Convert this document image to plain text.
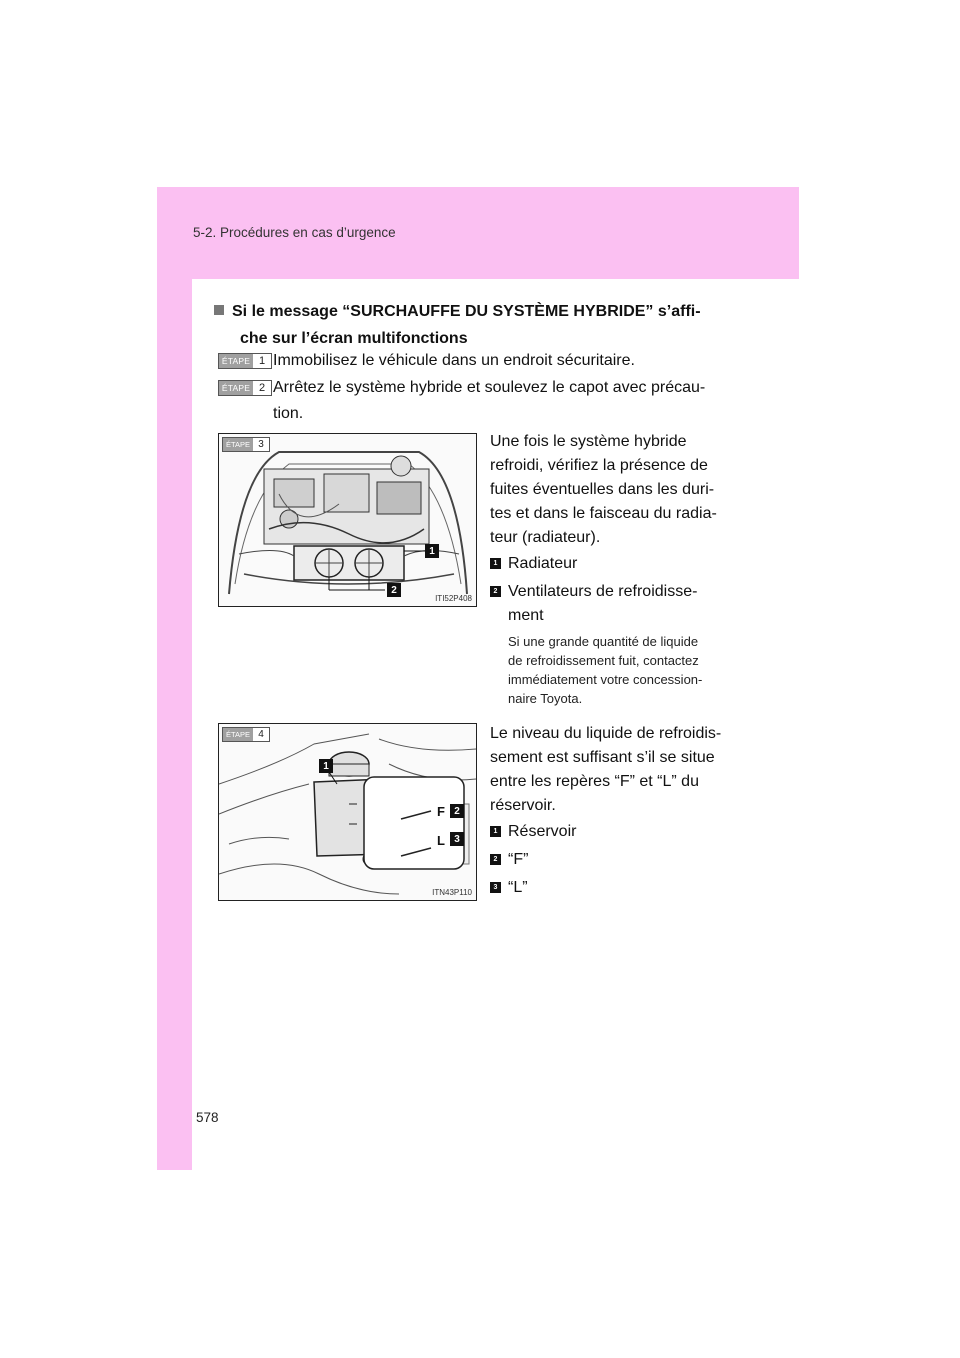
5-2. Procédures en cas d’urgence
Si le message “SURCHAUFFE DU SYSTÈME HYBRIDE” s’affi-
che sur l’écran multifonctions
ÉTAPE 1 Immobilisez le véhicule dans un endroit sécuritaire.
ÉTAPE 2 Arrêtez le système hybride et soulevez le capot avec précau-
tion.
ÉTAPE 3
1
2
ITI52P408
Une fois le système hybride
refroidi, vérifiez la présence de
fuites éventuelles dans les duri-
tes et dans le faisceau du radia-
teur (radiateur).
1 Radiateur
2 Ventilateurs de refroidisse-
ment
Si une grande quantité de liquide
de refroidissement fuit, contactez
immédiatement votre concession-
naire Toyota.
ÉTAPE 4
F
L
1
2
3
ITN43P110
Le niveau du liquide de refroidis-
sement est suffisant s’il se situe
entre les repères “F” et “L” du
réservoir.
1 Réservoir
2 “F”
3 “L”
578
